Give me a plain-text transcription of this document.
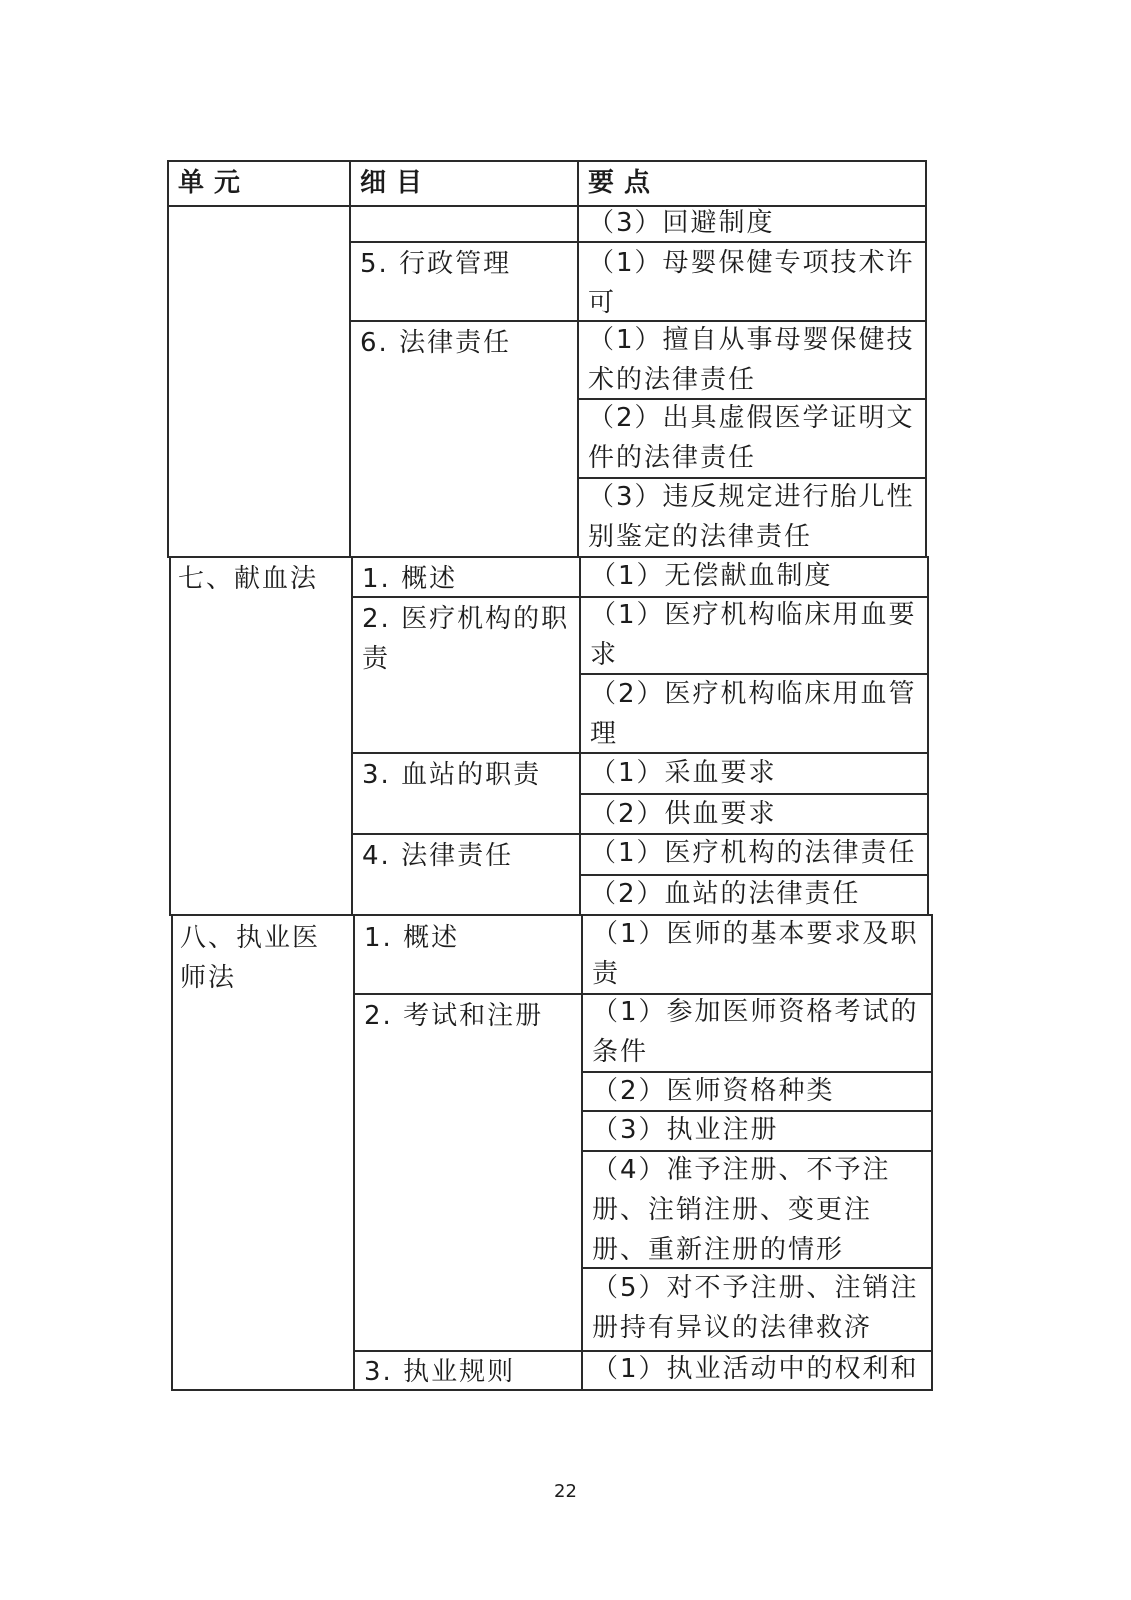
单元	细目	要点
七、献血法
八、执业医师法
5. 行政管理
6. 法律责任
1. 概述
2. 医疗机构的职责
3. 血站的职责
4. 法律责任
1. 概述
2. 考试和注册
3. 执业规则
（3）回避制度
（1）母婴保健专项技术许可
（1）擅自从事母婴保健技术的法律责任
（2）出具虚假医学证明文件的法律责任
（3）违反规定进行胎儿性别鉴定的法律责任
（1）无偿献血制度
（1）医疗机构临床用血要求
（2）医疗机构临床用血管理
（1）采血要求
（2）供血要求
（1）医疗机构的法律责任
（2）血站的法律责任
（1）医师的基本要求及职责
（1）参加医师资格考试的条件
（2）医师资格种类
（3）执业注册
（4）准予注册、不予注册、注销注册、变更注册、重新注册的情形
（5）对不予注册、注销注册持有异议的法律救济
（1）执业活动中的权利和
22
